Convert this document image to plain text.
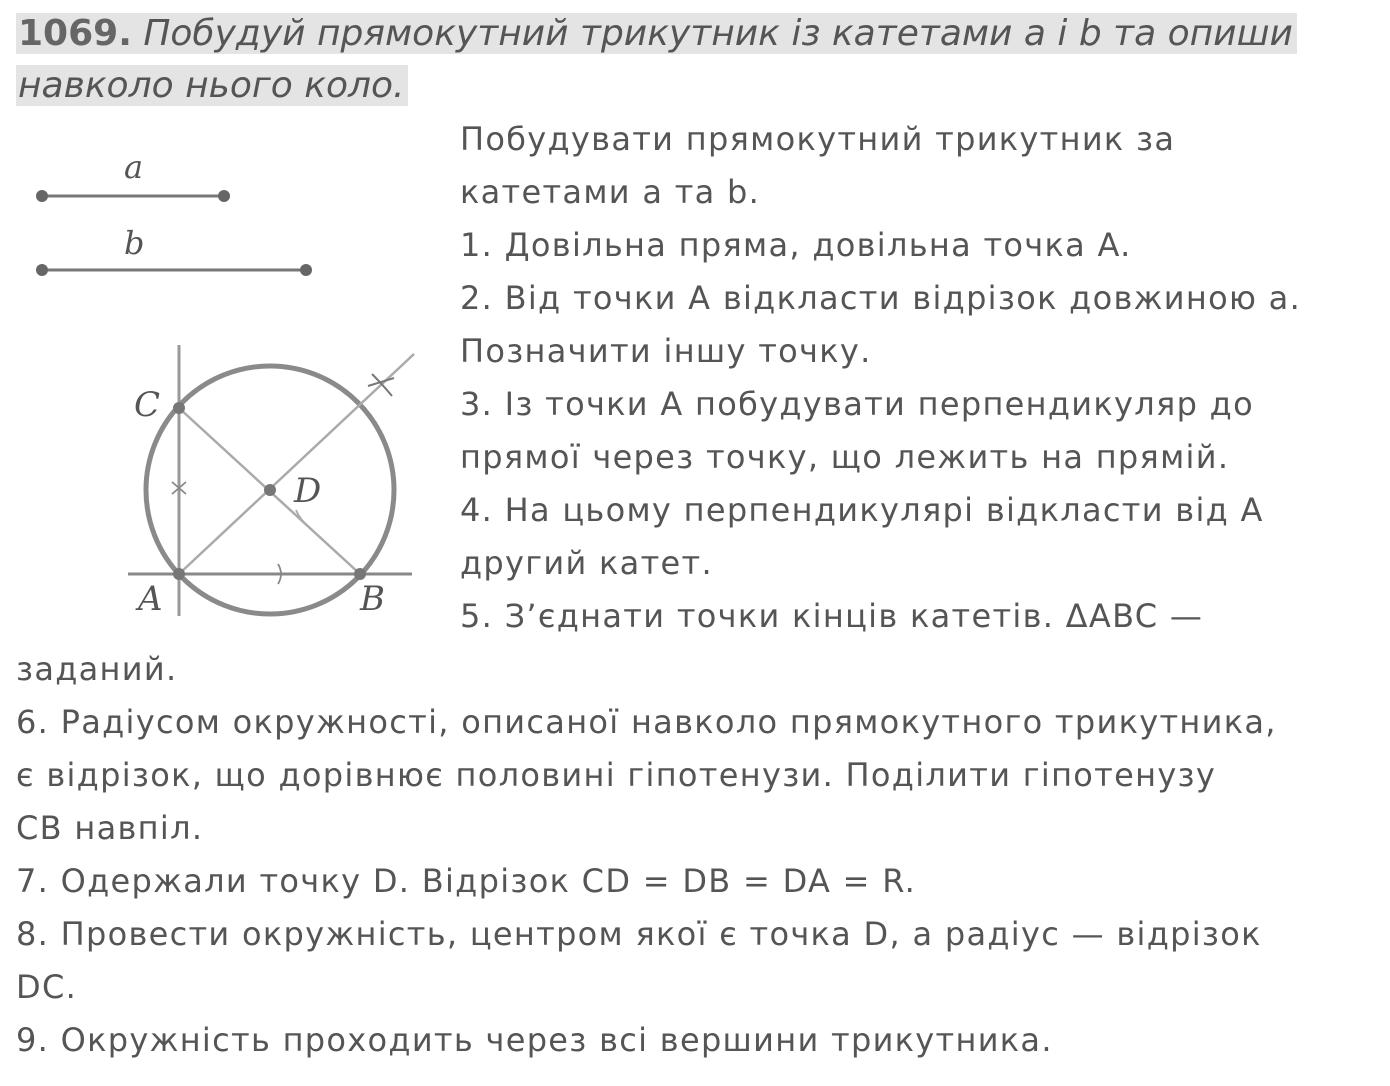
1069. Побудуй прямокутний трикутник із катетами a і b та опиши
навколо нього коло.
a
b
C
D
A	B
Побудувати прямокутний трикутник за
катетами a та b.
1. Довільна пряма, довільна точка A.
2. Від точки A відкласти відрізок довжиною a.
Позначити іншу точку.
3. Із точки A побудувати перпендикуляр до
прямої через точку, що лежить на прямій.
4. На цьому перпендикулярі відкласти від A
другий катет.
5. З’єднати точки кінців катетів. ΔABC —
заданий.
6. Радіусом окружності, описаної навколо прямокутного трикутника,
є відрізок, що дорівнює половині гіпотенузи. Поділити гіпотенузу
CB навпіл.
7. Одержали точку D. Відрізок CD = DB = DA = R.
8. Провести окружність, центром якої є точка D, а радіус — відрізок
DC.
9. Окружність проходить через всі вершини трикутника.
